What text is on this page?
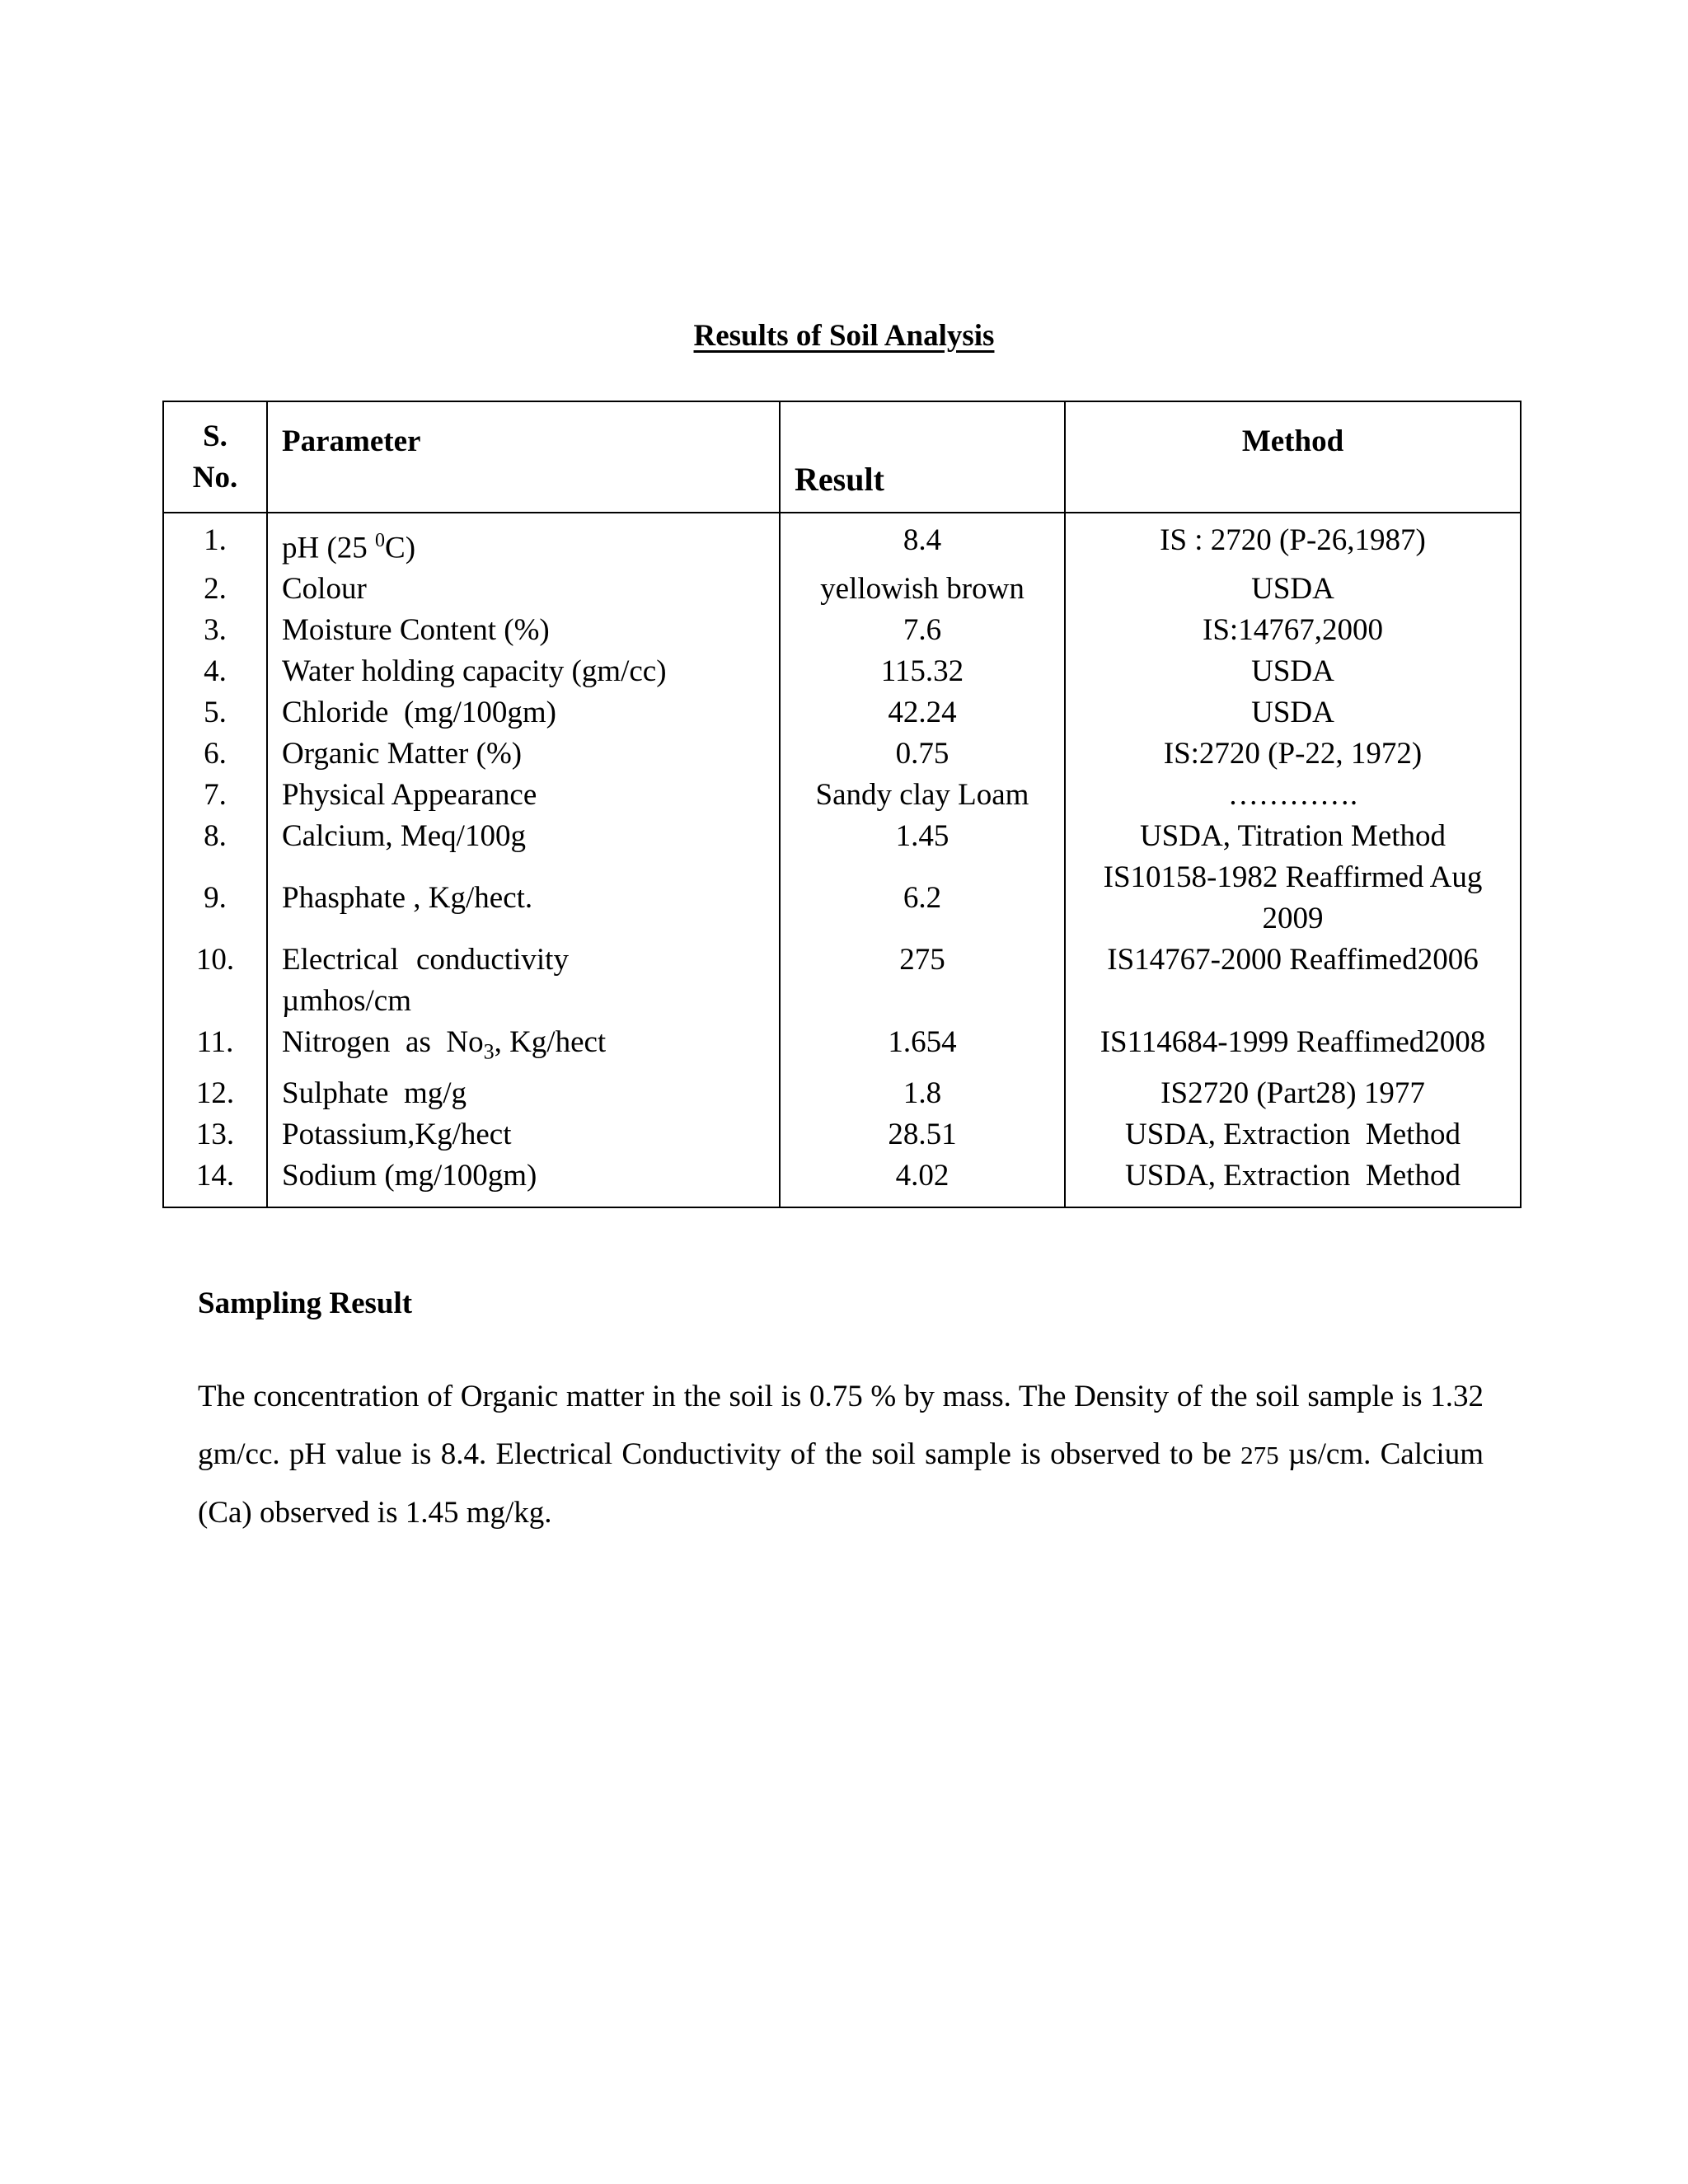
Results of Soil Analysis
S.
No.	Parameter	Result	Method
1.	pH (25 $^0$C)	8.4	IS : 2720 (P-26,1987)
2.	Colour	yellowish brown	USDA
3.	Moisture Content (%)	7.6	IS:14767,2000
4.	Water holding capacity (gm/cc)	115.32	USDA
5.	Chloride  (mg/100gm)	42.24	USDA
6.	Organic Matter (%)	0.75	IS:2720 (P-22, 1972)
7.	Physical Appearance	Sandy clay Loam	………….
8.	Calcium, Meq/100g	1.45	USDA, Titration Method
9.	Phasphate , Kg/hect.	6.2	IS10158-1982 Reaffirmed Aug
2009

10.	Electrical conductivity
µmhos/cm	275	IS14767-2000 Reaffimed2006
11.	Nitrogen  as  $No_3$, Kg/hect	1.654	IS114684-1999 Reaffimed2008
12.	Sulphate  mg/g	1.8	IS2720 (Part28) 1977
13.	Potassium,Kg/hect	28.51	USDA, Extraction  Method
14.	Sodium (mg/100gm)	4.02	USDA, Extraction  Method
Sampling Result
The concentration of Organic matter in the soil is 0.75 % by mass. The Density of the soil sample is 1.32 gm/cc. pH value is 8.4. Electrical Conductivity of the soil sample is observed to be 275 µs/cm. Calcium (Ca) observed is 1.45 mg/kg.
